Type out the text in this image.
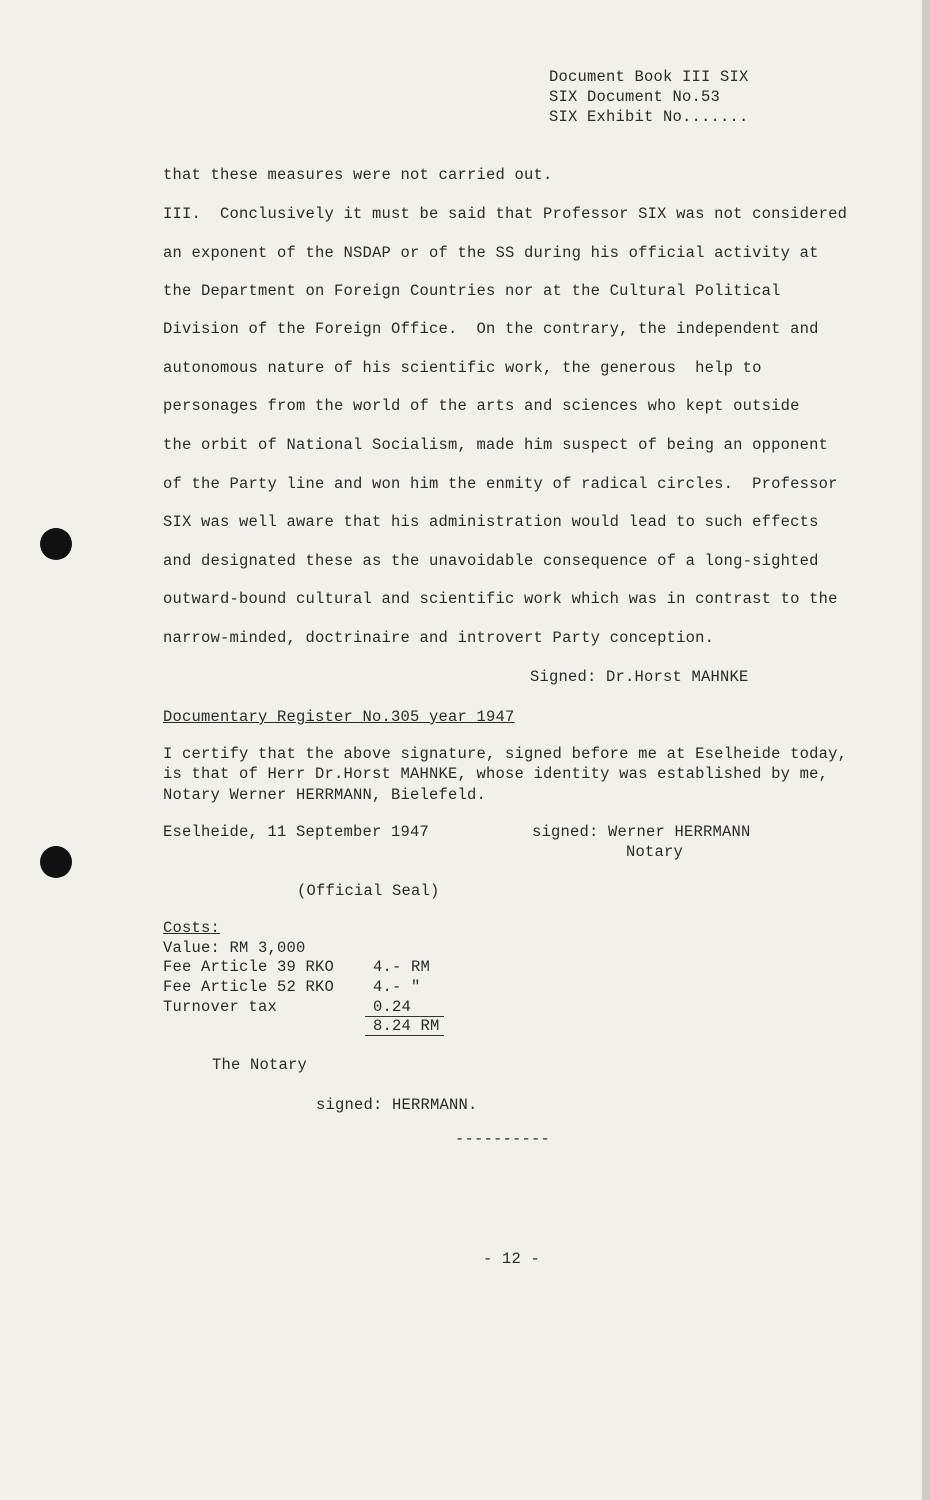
Document Book III SIX
SIX Document No.53
SIX Exhibit No.......
that these measures were not carried out.
III.  Conclusively it must be said that Professor SIX was not considered
an exponent of the NSDAP or of the SS during his official activity at
the Department on Foreign Countries nor at the Cultural Political
Division of the Foreign Office.  On the contrary, the independent and
autonomous nature of his scientific work, the generous  help to
personages from the world of the arts and sciences who kept outside
the orbit of National Socialism, made him suspect of being an opponent
of the Party line and won him the enmity of radical circles.  Professor
SIX was well aware that his administration would lead to such effects
and designated these as the unavoidable consequence of a long-sighted
outward-bound cultural and scientific work which was in contrast to the
narrow-minded, doctrinaire and introvert Party conception.
Signed: Dr.Horst MAHNKE
Documentary Register No.305 year 1947
I certify that the above signature, signed before me at Eselheide today,
is that of Herr Dr.Horst MAHNKE, whose identity was established by me,
Notary Werner HERRMANN, Bielefeld.
Eselheide, 11 September 1947	signed: Werner HERRMANN
Notary
(Official Seal)
Costs:
Value: RM 3,000
Fee Article 39 RKO	4.- RM
Fee Article 52 RKO	4.- "
Turnover tax	0.24
8.24 RM
The Notary
signed: HERRMANN.
----------
- 12 -
